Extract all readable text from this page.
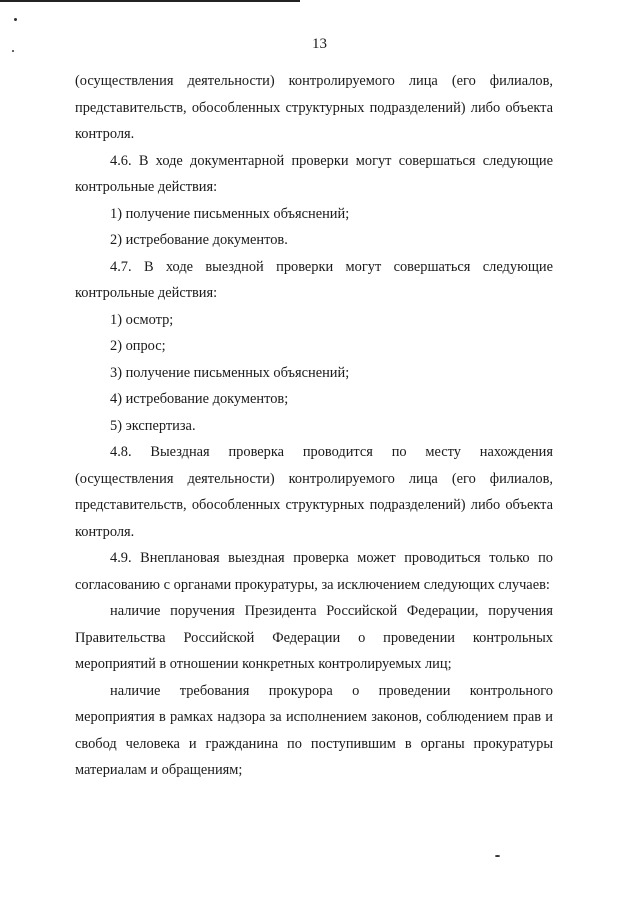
13

(осуществления деятельности) контролируемого лица (его филиалов, представительств, обособленных структурных подразделений) либо объекта контроля.

4.6. В ходе документарной проверки могут совершаться следующие контрольные действия:

1) получение письменных объяснений;

2) истребование документов.

4.7. В ходе выездной проверки могут совершаться следующие контрольные действия:

1) осмотр;

2) опрос;

3) получение письменных объяснений;

4) истребование документов;

5) экспертиза.

4.8. Выездная проверка проводится по месту нахождения (осуществления деятельности) контролируемого лица (его филиалов, представительств, обособленных структурных подразделений) либо объекта контроля.

4.9. Внеплановая выездная проверка может проводиться только по согласованию с органами прокуратуры, за исключением следующих случаев:

наличие поручения Президента Российской Федерации, поручения Правительства Российской Федерации о проведении контрольных мероприятий в отношении конкретных контролируемых лиц;

наличие требования прокурора о проведении контрольного мероприятия в рамках надзора за исполнением законов, соблюдением прав и свобод человека и гражданина по поступившим в органы прокуратуры материалам и обращениям;
